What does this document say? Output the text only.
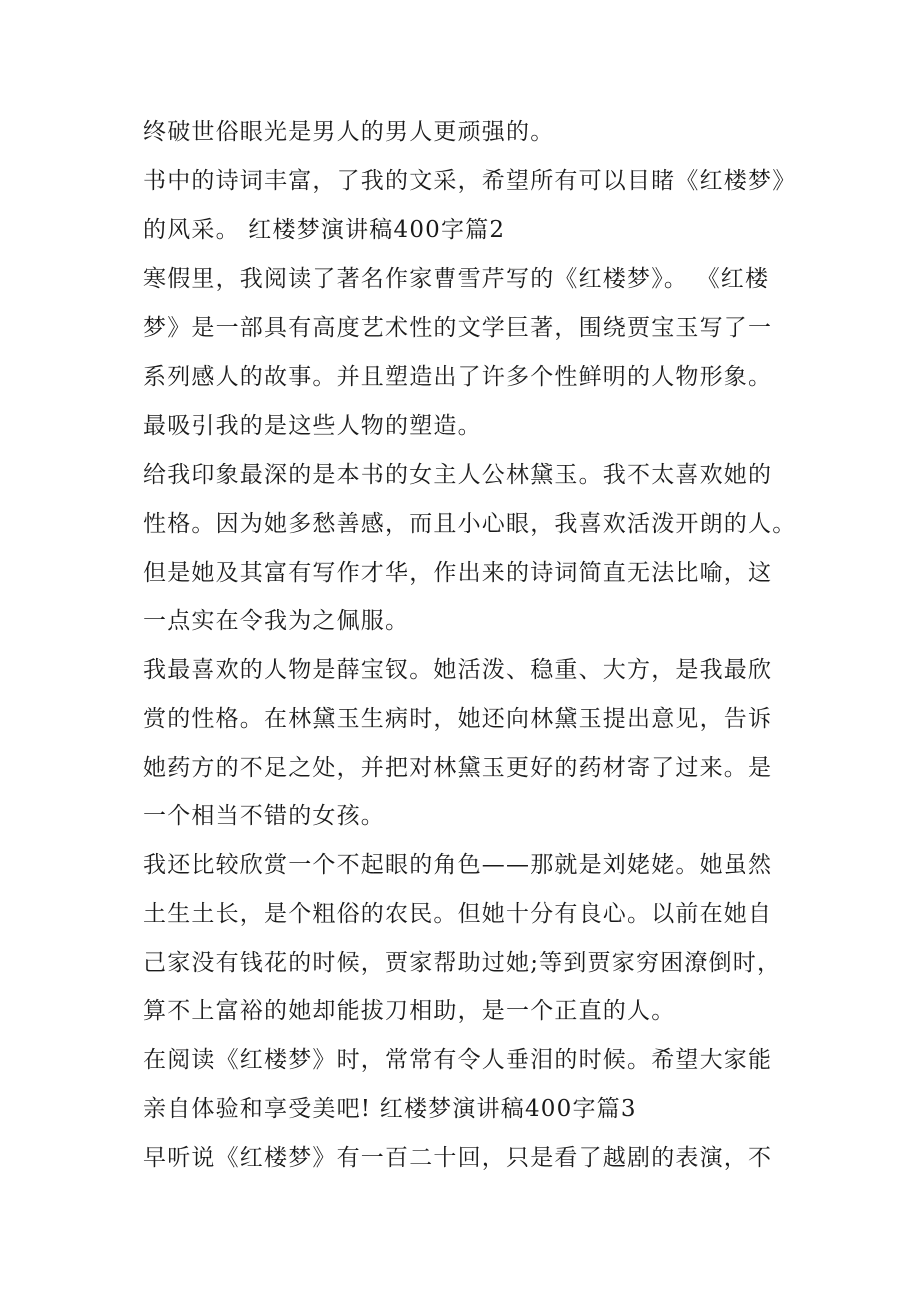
终破世俗眼光是男人的男人更顽强的。
书中的诗词丰富，了我的文采，希望所有可以目睹《红楼梦》
的风采。 红楼梦演讲稿400字篇2
寒假里，我阅读了著名作家曹雪芹写的《红楼梦》。 《红楼
梦》是一部具有高度艺术性的文学巨著，围绕贾宝玉写了一
系列感人的故事。并且塑造出了许多个性鲜明的人物形象。
最吸引我的是这些人物的塑造。
给我印象最深的是本书的女主人公林黛玉。我不太喜欢她的
性格。因为她多愁善感，而且小心眼，我喜欢活泼开朗的人。
但是她及其富有写作才华，作出来的诗词简直无法比喻，这
一点实在令我为之佩服。
我最喜欢的人物是薛宝钗。她活泼、稳重、大方，是我最欣
赏的性格。在林黛玉生病时，她还向林黛玉提出意见，告诉
她药方的不足之处，并把对林黛玉更好的药材寄了过来。是
一个相当不错的女孩。
我还比较欣赏一个不起眼的角色——那就是刘姥姥。她虽然
土生土长，是个粗俗的农民。但她十分有良心。以前在她自
己家没有钱花的时候，贾家帮助过她;等到贾家穷困潦倒时，
算不上富裕的她却能拔刀相助，是一个正直的人。
在阅读《红楼梦》时，常常有令人垂泪的时候。希望大家能
亲自体验和享受美吧! 红楼梦演讲稿400字篇3
早听说《红楼梦》有一百二十回，只是看了越剧的表演，不
